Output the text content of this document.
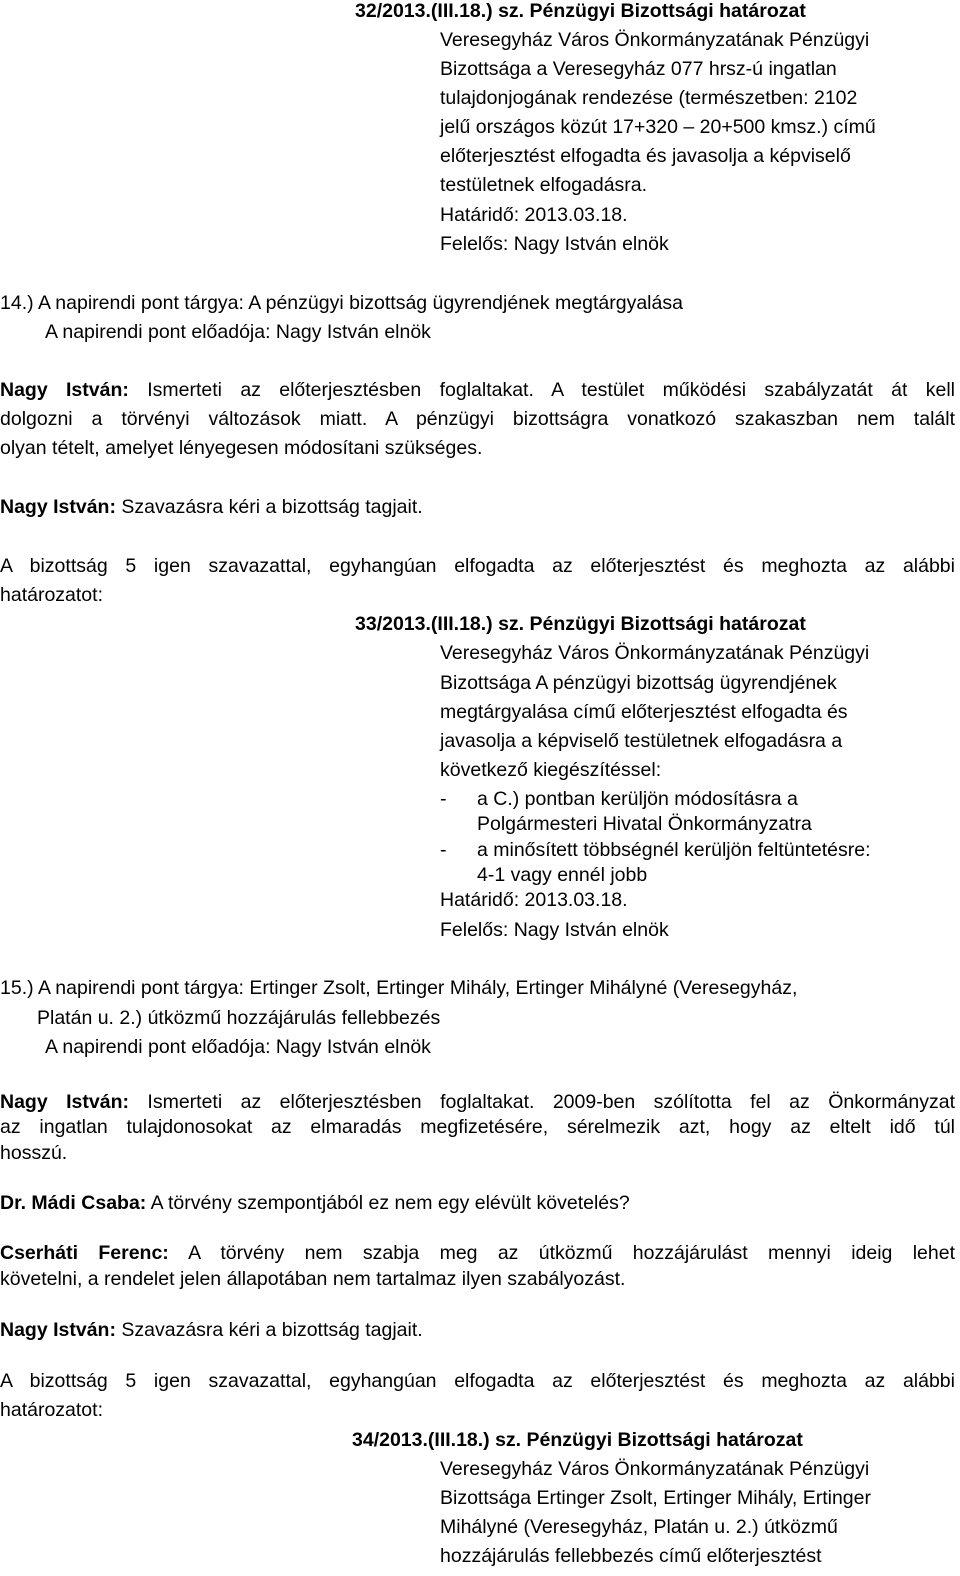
32/2013.(III.18.) sz. Pénzügyi Bizottsági határozat
Veresegyház Város Önkormányzatának Pénzügyi
Bizottsága a Veresegyház 077 hrsz-ú ingatlan
tulajdonjogának rendezése (természetben: 2102
jelű országos közút 17+320 – 20+500 kmsz.) című
előterjesztést elfogadta és javasolja a képviselő
testületnek elfogadásra.
Határidő: 2013.03.18.
Felelős: Nagy István elnök
14.) A napirendi pont tárgya: A pénzügyi bizottság ügyrendjének megtárgyalása
A napirendi pont előadója: Nagy István elnök
Nagy István: Ismerteti az előterjesztésben foglaltakat. A testület működési szabályzatát át kell
dolgozni a törvényi változások miatt. A pénzügyi bizottságra vonatkozó szakaszban nem talált
olyan tételt, amelyet lényegesen módosítani szükséges.
Nagy István: Szavazásra kéri a bizottság tagjait.
A bizottság 5 igen szavazattal, egyhangúan elfogadta az előterjesztést és meghozta az alábbi
határozatot:
33/2013.(III.18.) sz. Pénzügyi Bizottsági határozat
Veresegyház Város Önkormányzatának Pénzügyi
Bizottsága A pénzügyi bizottság ügyrendjének
megtárgyalása című előterjesztést elfogadta és
javasolja a képviselő testületnek elfogadásra a
következő kiegészítéssel:
- a C.) pontban kerüljön módosításra a
Polgármesteri Hivatal Önkormányzatra
- a minősített többségnél kerüljön feltüntetésre:
4-1 vagy ennél jobb
Határidő: 2013.03.18.
Felelős: Nagy István elnök
15.) A napirendi pont tárgya: Ertinger Zsolt, Ertinger Mihály, Ertinger Mihályné (Veresegyház,
Platán u. 2.) útközmű hozzájárulás fellebbezés
A napirendi pont előadója: Nagy István elnök
Nagy István: Ismerteti az előterjesztésben foglaltakat. 2009-ben szólította fel az Önkormányzat
az ingatlan tulajdonosokat az elmaradás megfizetésére, sérelmezik azt, hogy az eltelt idő túl
hosszú.
Dr. Mádi Csaba: A törvény szempontjából ez nem egy elévült követelés?
Cserháti Ferenc: A törvény nem szabja meg az útközmű hozzájárulást mennyi ideig lehet
követelni, a rendelet jelen állapotában nem tartalmaz ilyen szabályozást.
Nagy István: Szavazásra kéri a bizottság tagjait.
A bizottság 5 igen szavazattal, egyhangúan elfogadta az előterjesztést és meghozta az alábbi
határozatot:
34/2013.(III.18.) sz. Pénzügyi Bizottsági határozat
Veresegyház Város Önkormányzatának Pénzügyi
Bizottsága Ertinger Zsolt, Ertinger Mihály, Ertinger
Mihályné (Veresegyház, Platán u. 2.) útközmű
hozzájárulás fellebbezés című előterjesztést
